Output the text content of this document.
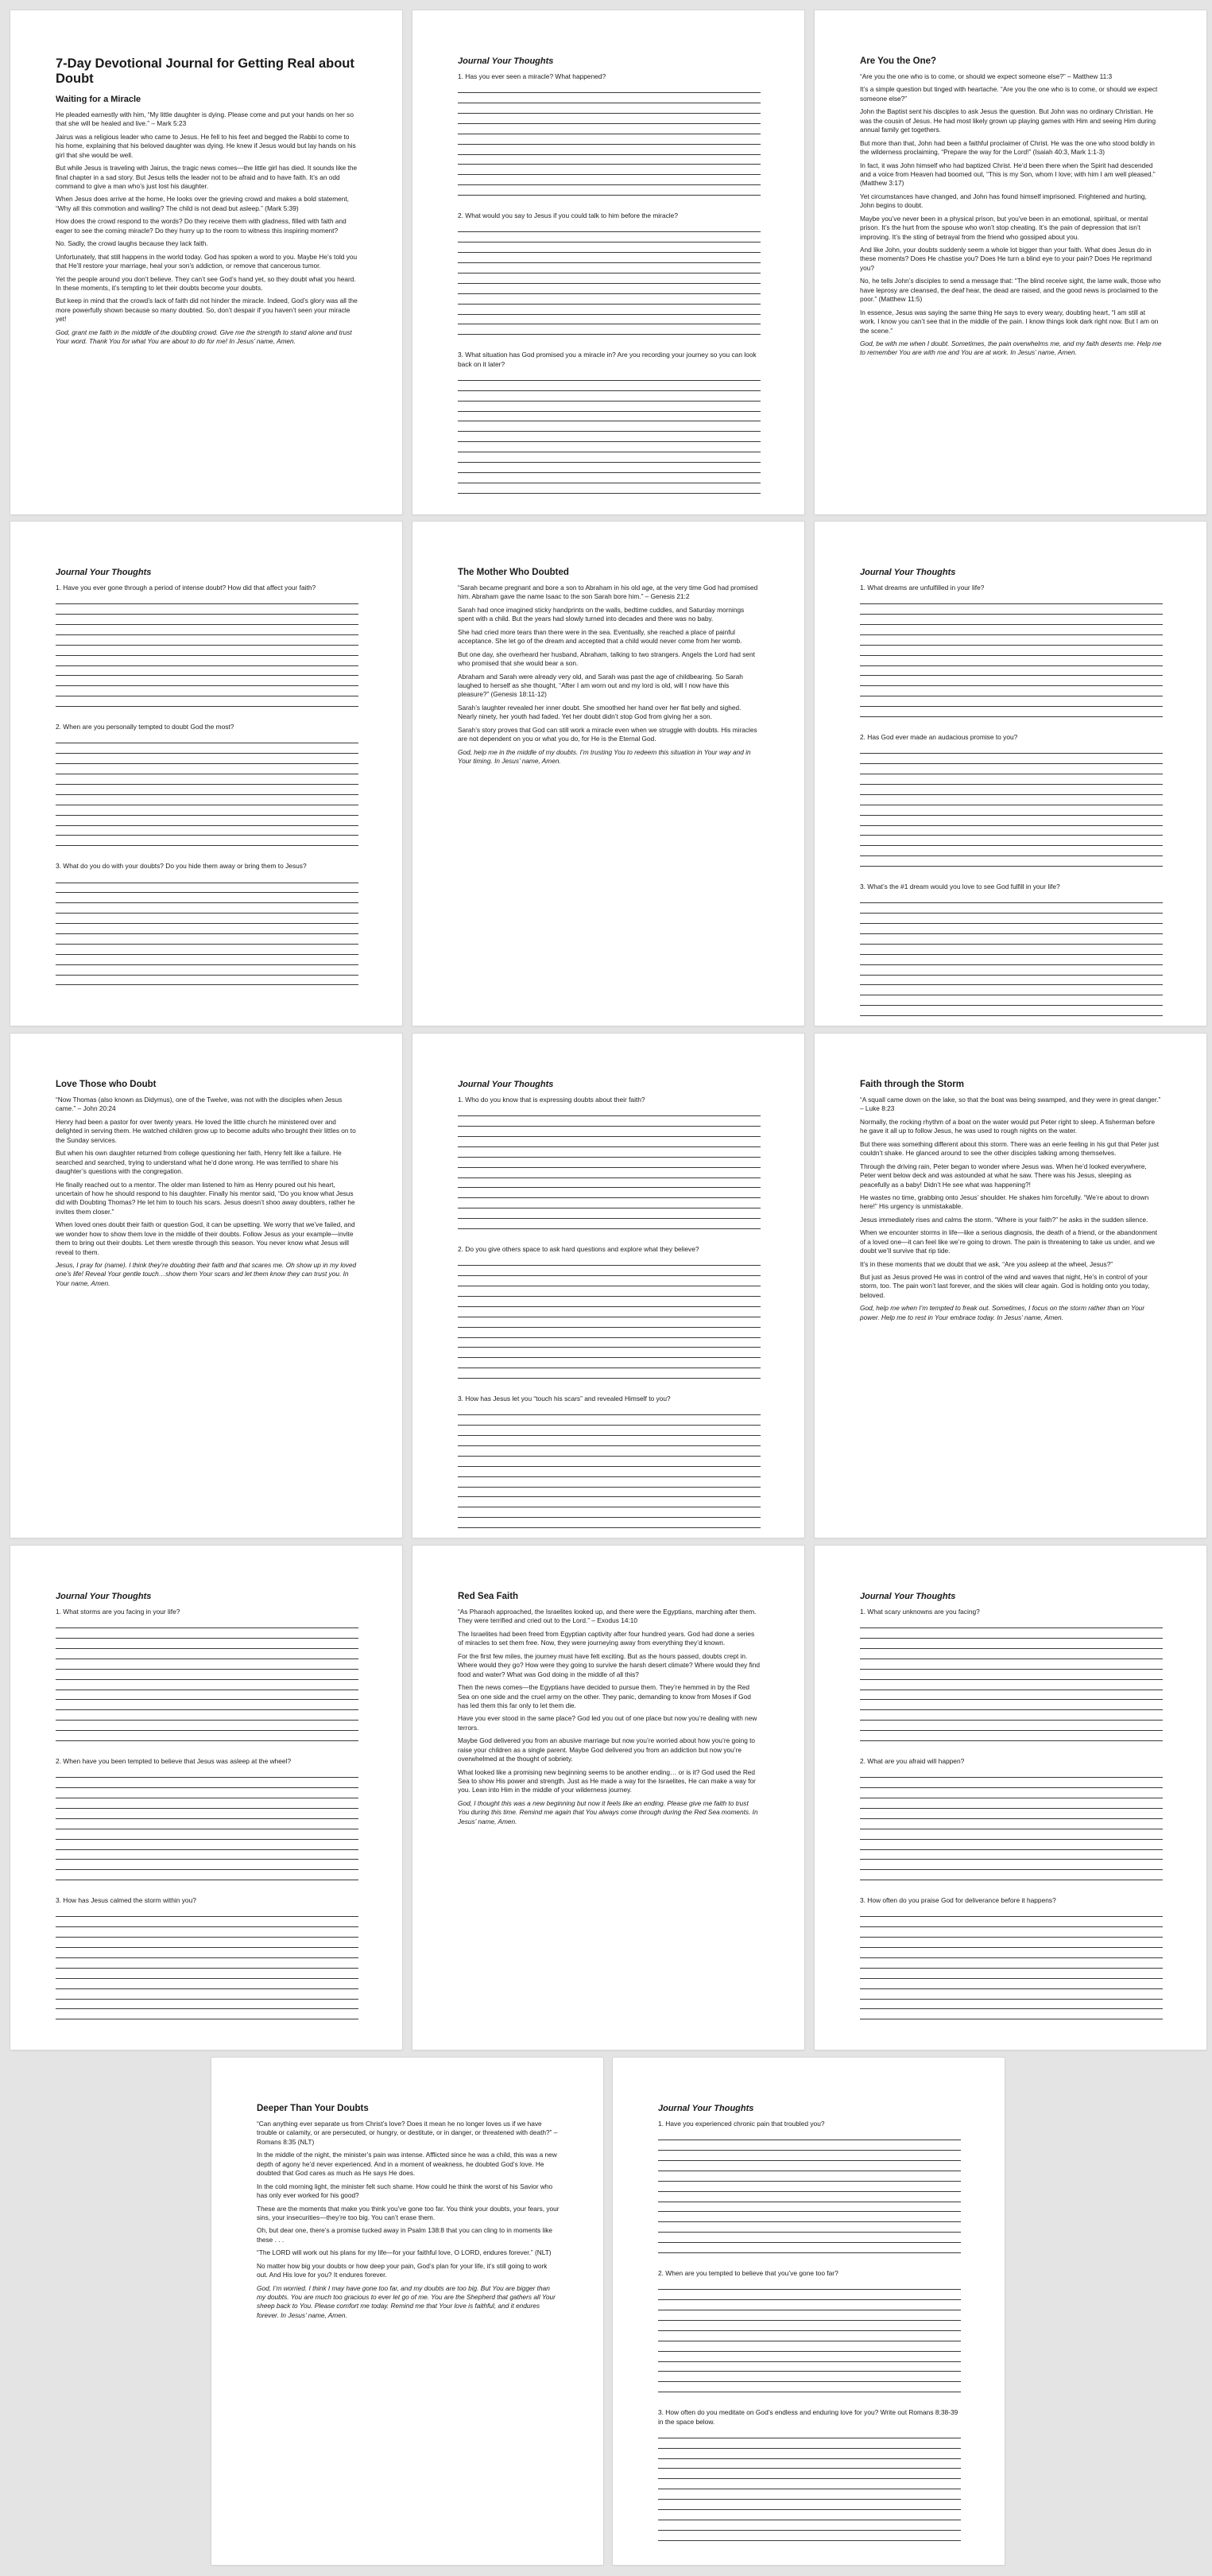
7-Day Devotional Journal for Getting Real about Doubt
Waiting for a Miracle

He pleaded earnestly with him, “My little daughter is dying. Please come and put your hands on her so that she will be healed and live.” – Mark 5:23

Jairus was a religious leader who came to Jesus. He fell to his feet and begged the Rabbi to come to his home, explaining that his beloved daughter was dying. He knew if Jesus would but lay hands on his girl that she would be well.

But while Jesus is traveling with Jairus, the tragic news comes—the little girl has died. It sounds like the final chapter in a sad story. But Jesus tells the leader not to be afraid and to have faith. It’s an odd command to give a man who’s just lost his daughter.

When Jesus does arrive at the home, He looks over the grieving crowd and makes a bold statement, “Why all this commotion and wailing? The child is not dead but asleep.” (Mark 5:39)

How does the crowd respond to the words? Do they receive them with gladness, filled with faith and eager to see the coming miracle? Do they hurry up to the room to witness this inspiring moment?

No. Sadly, the crowd laughs because they lack faith.

Unfortunately, that still happens in the world today. God has spoken a word to you. Maybe He’s told you that He’ll restore your marriage, heal your son’s addiction, or remove that cancerous tumor.

Yet the people around you don’t believe. They can’t see God’s hand yet, so they doubt what you heard. In these moments, it’s tempting to let their doubts become your doubts.

But keep in mind that the crowd’s lack of faith did not hinder the miracle. Indeed, God’s glory was all the more powerfully shown because so many doubted. So, don’t despair if you haven’t seen your miracle yet!

God, grant me faith in the middle of the doubting crowd. Give me the strength to stand alone and trust Your word. Thank You for what You are about to do for me! In Jesus’ name, Amen.

Journal Your Thoughts
1. Has you ever seen a miracle? What happened?
2. What would you say to Jesus if you could talk to him before the miracle?
3. What situation has God promised you a miracle in? Are you recording your journey so you can look back on it later?
Are You the One?

“Are you the one who is to come, or should we expect someone else?” – Matthew 11:3

It’s a simple question but tinged with heartache. “Are you the one who is to come, or should we expect someone else?”

John the Baptist sent his disciples to ask Jesus the question. But John was no ordinary Christian. He was the cousin of Jesus. He had most likely grown up playing games with Him and seeing Him during annual family get togethers.

But more than that, John had been a faithful proclaimer of Christ. He was the one who stood boldly in the wilderness proclaiming, “Prepare the way for the Lord!” (Isaiah 40:3, Mark 1:1-3)

In fact, it was John himself who had baptized Christ. He’d been there when the Spirit had descended and a voice from Heaven had boomed out, “This is my Son, whom I love; with him I am well pleased.” (Matthew 3:17)

Yet circumstances have changed, and John has found himself imprisoned. Frightened and hurting, John begins to doubt.

Maybe you’ve never been in a physical prison, but you’ve been in an emotional, spiritual, or mental prison. It’s the hurt from the spouse who won’t stop cheating. It’s the pain of depression that isn’t improving. It’s the sting of betrayal from the friend who gossiped about you.

And like John, your doubts suddenly seem a whole lot bigger than your faith. What does Jesus do in these moments? Does He chastise you? Does He turn a blind eye to your pain? Does He reprimand you?

No, he tells John’s disciples to send a message that: “The blind receive sight, the lame walk, those who have leprosy are cleansed, the deaf hear, the dead are raised, and the good news is proclaimed to the poor.” (Matthew 11:5)

In essence, Jesus was saying the same thing He says to every weary, doubting heart, “I am still at work. I know you can’t see that in the middle of the pain. I know things look dark right now. But I am on the scene.”

God, be with me when I doubt. Sometimes, the pain overwhelms me, and my faith deserts me. Help me to remember You are with me and You are at work. In Jesus’ name, Amen.

Journal Your Thoughts
1. Have you ever gone through a period of intense doubt? How did that affect your faith?
2. When are you personally tempted to doubt God the most?
3. What do you do with your doubts? Do you hide them away or bring them to Jesus?
The Mother Who Doubted

“Sarah became pregnant and bore a son to Abraham in his old age, at the very time God had promised him. Abraham gave the name Isaac to the son Sarah bore him.” – Genesis 21:2

Sarah had once imagined sticky handprints on the walls, bedtime cuddles, and Saturday mornings spent with a child. But the years had slowly turned into decades and there was no baby.

She had cried more tears than there were in the sea. Eventually, she reached a place of painful acceptance. She let go of the dream and accepted that a child would never come from her womb.

But one day, she overheard her husband, Abraham, talking to two strangers. Angels the Lord had sent who promised that she would bear a son.

Abraham and Sarah were already very old, and Sarah was past the age of childbearing. So Sarah laughed to herself as she thought, “After I am worn out and my lord is old, will I now have this pleasure?” (Genesis 18:11-12)

Sarah’s laughter revealed her inner doubt. She smoothed her hand over her flat belly and sighed. Nearly ninety, her youth had faded. Yet her doubt didn’t stop God from giving her a son.

Sarah’s story proves that God can still work a miracle even when we struggle with doubts. His miracles are not dependent on you or what you do, for He is the Eternal God.

God, help me in the middle of my doubts. I’m trusting You to redeem this situation in Your way and in Your timing. In Jesus’ name, Amen.

Journal Your Thoughts
1. What dreams are unfulfilled in your life?
2. Has God ever made an audacious promise to you?
3. What’s the #1 dream would you love to see God fulfill in your life?
Love Those who Doubt

“Now Thomas (also known as Didymus), one of the Twelve, was not with the disciples when Jesus came.” – John 20:24

Henry had been a pastor for over twenty years. He loved the little church he ministered over and delighted in serving them. He watched children grow up to become adults who brought their littles on to the Sunday services.

But when his own daughter returned from college questioning her faith, Henry felt like a failure. He searched and searched, trying to understand what he’d done wrong. He was terrified to share his daughter’s questions with the congregation.

He finally reached out to a mentor. The older man listened to him as Henry poured out his heart, uncertain of how he should respond to his daughter. Finally his mentor said, “Do you know what Jesus did with Doubting Thomas? He let him to touch his scars. Jesus doesn’t shoo away doubters, rather he invites them closer.”

When loved ones doubt their faith or question God, it can be upsetting. We worry that we’ve failed, and we wonder how to show them love in the middle of their doubts. Follow Jesus as your example—invite them to bring out their doubts. Let them wrestle through this season. You never know what Jesus will reveal to them.

Jesus, I pray for (name). I think they’re doubting their faith and that scares me. Oh show up in my loved one’s life! Reveal Your gentle touch…show them Your scars and let them know they can trust you. In Your name, Amen.

Journal Your Thoughts
1. Who do you know that is expressing doubts about their faith?
2. Do you give others space to ask hard questions and explore what they believe?
3. How has Jesus let you “touch his scars” and revealed Himself to you?
Faith through the Storm

“A squall came down on the lake, so that the boat was being swamped, and they were in great danger.” – Luke 8:23

Normally, the rocking rhythm of a boat on the water would put Peter right to sleep. A fisherman before he gave it all up to follow Jesus, he was used to rough nights on the water.

But there was something different about this storm. There was an eerie feeling in his gut that Peter just couldn’t shake. He glanced around to see the other disciples talking among themselves.

Through the driving rain, Peter began to wonder where Jesus was. When he’d looked everywhere, Peter went below deck and was astounded at what he saw. There was his Jesus, sleeping as peacefully as a baby! Didn’t He see what was happening?!

He wastes no time, grabbing onto Jesus’ shoulder. He shakes him forcefully. “We’re about to drown here!” His urgency is unmistakable.

Jesus immediately rises and calms the storm. “Where is your faith?” he asks in the sudden silence.

When we encounter storms in life—like a serious diagnosis, the death of a friend, or the abandonment of a loved one—it can feel like we’re going to drown. The pain is threatening to take us under, and we doubt we’ll survive that rip tide.

It’s in these moments that we doubt that we ask, “Are you asleep at the wheel, Jesus?”

But just as Jesus proved He was in control of the wind and waves that night, He’s in control of your storm, too. The pain won’t last forever, and the skies will clear again. God is holding onto you today, beloved.

God, help me when I’m tempted to freak out. Sometimes, I focus on the storm rather than on Your power. Help me to rest in Your embrace today. In Jesus’ name, Amen.

Journal Your Thoughts
1. What storms are you facing in your life?
2. When have you been tempted to believe that Jesus was asleep at the wheel?
3. How has Jesus calmed the storm within you?
Red Sea Faith

“As Pharaoh approached, the Israelites looked up, and there were the Egyptians, marching after them. They were terrified and cried out to the Lord.” – Exodus 14:10

The Israelites had been freed from Egyptian captivity after four hundred years. God had done a series of miracles to set them free. Now, they were journeying away from everything they’d known.

For the first few miles, the journey must have felt exciting. But as the hours passed, doubts crept in. Where would they go? How were they going to survive the harsh desert climate? Where would they find food and water? What was God doing in the middle of all this?

Then the news comes—the Egyptians have decided to pursue them. They’re hemmed in by the Red Sea on one side and the cruel army on the other. They panic, demanding to know from Moses if God has led them this far only to let them die.

Have you ever stood in the same place? God led you out of one place but now you’re dealing with new terrors.

Maybe God delivered you from an abusive marriage but now you’re worried about how you’re going to raise your children as a single parent. Maybe God delivered you from an addiction but now you’re overwhelmed at the thought of sobriety.

What looked like a promising new beginning seems to be another ending… or is it? God used the Red Sea to show His power and strength. Just as He made a way for the Israelites, He can make a way for you. Lean into Him in the middle of your wilderness journey.

God, I thought this was a new beginning but now it feels like an ending. Please give me faith to trust You during this time. Remind me again that You always come through during the Red Sea moments. In Jesus’ name, Amen.

Journal Your Thoughts
1. What scary unknowns are you facing?
2. What are you afraid will happen?
3. How often do you praise God for deliverance before it happens?
Deeper Than Your Doubts

“Can anything ever separate us from Christ’s love? Does it mean he no longer loves us if we have trouble or calamity, or are persecuted, or hungry, or destitute, or in danger, or threatened with death?” – Romans 8:35 (NLT)

In the middle of the night, the minister’s pain was intense. Afflicted since he was a child, this was a new depth of agony he’d never experienced. And in a moment of weakness, he doubted God’s love. He doubted that God cares as much as He says He does.

In the cold morning light, the minister felt such shame. How could he think the worst of his Savior who has only ever worked for his good?

These are the moments that make you think you’ve gone too far. You think your doubts, your fears, your sins, your insecurities—they’re too big. You can’t erase them.

Oh, but dear one, there’s a promise tucked away in Psalm 138:8 that you can cling to in moments like these . . .

“The LORD will work out his plans for my life—for your faithful love, O LORD, endures forever.” (NLT)

No matter how big your doubts or how deep your pain, God’s plan for your life, it’s still going to work out. And His love for you? It endures forever.

God, I’m worried. I think I may have gone too far, and my doubts are too big. But You are bigger than my doubts. You are much too gracious to ever let go of me. You are the Shepherd that gathers all Your sheep back to You. Please comfort me today. Remind me that Your love is faithful, and it endures forever. In Jesus’ name, Amen.

Journal Your Thoughts
1. Have you experienced chronic pain that troubled you?
2. When are you tempted to believe that you’ve gone too far?
3. How often do you meditate on God’s endless and enduring love for you? Write out Romans 8:38-39 in the space below.
